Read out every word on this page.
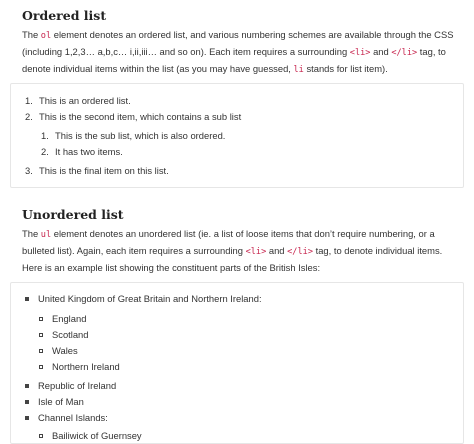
Ordered list

The ol element denotes an ordered list, and various numbering schemes are available through the CSS (including 1,2,3… a,b,c… i,ii,iii… and so on). Each item requires a surrounding <li> and </li> tag, to denote individual items within the list (as you may have guessed, li stands for list item).

1. This is an ordered list.
2. This is the second item, which contains a sub list
1. This is the sub list, which is also ordered.
2. It has two items.
3. This is the final item on this list.
Unordered list

The ul element denotes an unordered list (ie. a list of loose items that don’t require numbering, or a bulleted list). Again, each item requires a surrounding <li> and </li> tag, to denote individual items. Here is an example list showing the constituent parts of the British Isles:

United Kingdom of Great Britain and Northern Ireland:
England
Scotland
Wales
Northern Ireland
Republic of Ireland
Isle of Man
Channel Islands:
Bailiwick of Guernsey
